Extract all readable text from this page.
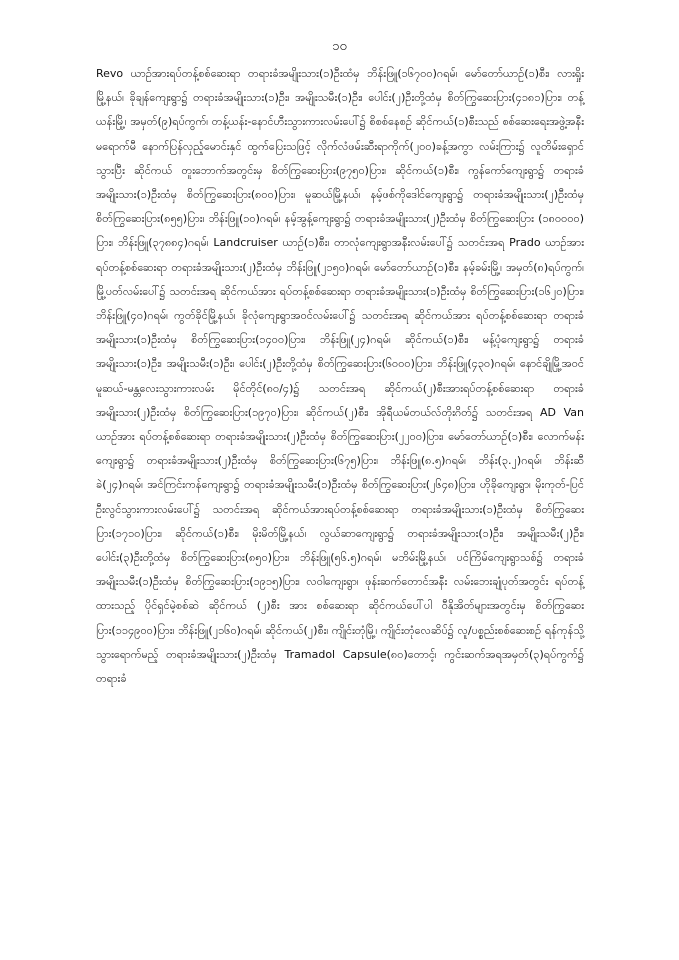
၁၀

Revo ယာဉ်အားရပ်တန့်စစ်ဆေးရာ တရားခံအမျိုးသား(၁)ဦးထံမှ ဘိန်းဖြူ(၁၆၇၀၀)ဂရမ်၊ မော်တော်ယာဉ်(၁)စီး၊ လားရှိုးမြို့နယ်၊ ခိုချန်ကျေးရွာ၌ တရားခံအမျိုးသား(၁)ဦး၊ အမျိုးသမီး(၁)ဦး၊ ပေါင်း(၂)ဦးတို့ထံမှ စိတ်ကြွဆေးပြား(၄၁၈၁)ပြား၊ တန့်ယန်းမြို့၊ အမှတ်(၉)ရပ်ကွက်၊ တန့်ယန်း-နောင်ဟီးသွားကားလမ်းပေါ်၌ စိစစ်နေစဉ် ဆိုင်ကယ်(၁)စီးသည် စစ်ဆေးရေးအဖွဲ့အနီးမရောက်မီ နောက်ပြန်လှည့်မောင်းနှင် ထွက်ပြေးသဖြင့် လိုက်လံဖမ်းဆီးရာကိုက်(၂၀၀)ခန့်အကွာ လမ်းကြား၌ လူတိမ်းရှောင်သွားပြီး ဆိုင်ကယ် တူးဘောက်အတွင်းမှ စိတ်ကြွဆေးပြား(၉၇၅၀)ပြား၊ ဆိုင်ကယ်(၁)စီး၊ ကွန်ကော်ကျေးရွာ၌ တရားခံအမျိုးသား(၁)ဦးထံမှ စိတ်ကြွဆေးပြား(၈၀၀)ပြား၊ မူဆယ်မြို့နယ်၊ နမ့်ဖစ်ကိုဒေါင်ကျေးရွာ၌ တရားခံအမျိုးသား(၂)ဦးထံမှ စိတ်ကြွဆေးပြား(၈၅၅)ပြား၊ ဘိန်းဖြူ(၁၀)ဂရမ်၊ နမ့်အွန့်ကျေးရွာ၌ တရားခံအမျိုးသား(၂)ဦးထံမှ စိတ်ကြွဆေးပြား (၁၈၀၀၀၀) ပြား၊ ဘိန်းဖြူ(၃၇၈၈၄)ဂရမ်၊ Landcruiser ယာဉ်(၁)စီး၊ တာလုံကျေးရွာအနီးလမ်းပေါ်၌ သတင်းအရ Prado ယာဉ်အား ရပ်တန့်စစ်ဆေးရာ တရားခံအမျိုးသား(၂)ဦးထံမှ ဘိန်းဖြူ(၂၁၅၀)ဂရမ်၊ မော်တော်ယာဉ်(၁)စီး၊ နမ့်ခမ်းမြို့၊ အမှတ်(၈)ရပ်ကွက်၊ မြို့ပတ်လမ်းပေါ်၌ သတင်းအရ ဆိုင်ကယ်အား ရပ်တန့်စစ်ဆေးရာ တရားခံအမျိုးသား(၁)ဦးထံမှ စိတ်ကြွဆေးပြား(၁၆၂၀)ပြား၊ ဘိန်းဖြူ(၄၀)ဂရမ်၊ ကွတ်ခိုင်မြို့နယ်၊ ခိုလုံကျေးရွာအဝင်လမ်းပေါ်၌ သတင်းအရ ဆိုင်ကယ်အား ရပ်တန့်စစ်ဆေးရာ တရားခံအမျိုးသား(၁)ဦးထံမှ စိတ်ကြွဆေးပြား(၁၄၀၀)ပြား၊ ဘိန်းဖြူ(၂၄)ဂရမ်၊ ဆိုင်ကယ်(၁)စီး၊ မန့်ပုံကျေးရွာ၌ တရားခံအမျိုးသား(၁)ဦး၊ အမျိုးသမီး(၁)ဦး၊ ပေါင်း(၂)ဦးတို့ထံမှ စိတ်ကြွဆေးပြား(၆၀၀၀)ပြား၊ ဘိန်းဖြူ(၄၃၀)ဂရမ်၊ နောင်ချိုမြို့အဝင် မူဆယ်-မန္တလေးသွားကားလမ်း မိုင်တိုင်(၈၀/၄)၌ သတင်းအရ ဆိုင်ကယ်(၂)စီးအားရပ်တန့်စစ်ဆေးရာ တရားခံအမျိုးသား(၂)ဦးထံမှ စိတ်ကြွဆေးပြား(၁၉၇၀)ပြား၊ ဆိုင်ကယ်(၂)စီး၊ အိုရီယမ်တယ်လ်တိုးဂိတ်၌ သတင်းအရ AD Van ယာဉ်အား ရပ်တန့်စစ်ဆေးရာ တရားခံအမျိုးသား(၂)ဦးထံမှ စိတ်ကြွဆေးပြား(၂၂၀၀)ပြား၊ မော်တော်ယာဉ်(၁)စီး၊ လောက်မန်းကျေးရွာ၌ တရားခံအမျိုးသား(၂)ဦးထံမှ စိတ်ကြွဆေးပြား(၆၇၅)ပြား၊ ဘိန်းဖြူ(၈.၅)ဂရမ်၊ ဘိန်း(၃.၂)ဂရမ်၊ ဘိန်းဆီခဲ(၂၄)ဂရမ်၊ အင်ကြင်းကန်ကျေးရွာ၌ တရားခံအမျိုးသမီး(၁)ဦးထံမှ စိတ်ကြွဆေးပြား(၂၆၄၈)ပြား၊ ဟိုခိုကျေးရွာ၊ မိုးကုတ်-ပြင်ဦးလွင်သွားကားလမ်းပေါ်၌ သတင်းအရ ဆိုင်ကယ်အားရပ်တန့်စစ်ဆေးရာ တရားခံအမျိုးသား(၁)ဦးထံမှ စိတ်ကြွဆေးပြား(၁၇၁၀)ပြား၊ ဆိုင်ကယ်(၁)စီး၊ မိုးမိတ်မြို့နယ်၊ လွယ်ဆာကျေးရွာ၌ တရားခံအမျိုးသား(၁)ဦး၊ အမျိုးသမီး(၂)ဦး၊ ပေါင်း(၃)ဦးတို့ထံမှ စိတ်ကြွဆေးပြား(၈၅၀)ပြား၊ ဘိန်းဖြူ(၅၆.၅)ဂရမ်၊ မဘိမ်းမြို့နယ်၊ ပင်ကြိမ်ကျေးရွာသစ်၌ တရားခံ အမျိုးသမီး(၁)ဦးထံမှ စိတ်ကြွဆေးပြား(၁၉၁၅)ပြား၊ လဝါကျေးရွာ၊ ဖုန်းဆက်တောင်အနီး လမ်းဘေးချုံပုတ်အတွင်း ရပ်တန့်ထားသည့် ပိုင်ရှင်မဲ့စစ်ဆဲ ဆိုင်ကယ် (၂)စီး အား စစ်ဆေးရာ ဆိုင်ကယ်ပေါ်ပါ ဝီနိုအိတ်များအတွင်းမှ စိတ်ကြွဆေးပြား(၁၁၄၉၀၀)ပြား၊ ဘိန်းဖြူ(၂၁၆၀)ဂရမ်၊ ဆိုင်ကယ်(၂)စီး၊ ကျိုင်းတုံမြို့၊ ကျိုင်းတုံလေဆိပ်၌ လူ/ပစ္စည်းစစ်ဆေးစဉ် ရန်ကုန်သို့သွားရောက်မည့် တရားခံအမျိုးသား(၂)ဦးထံမှ Tramadol Capsule(၈၀)တောင့်၊ ကွင်းဆက်အရအမှတ်(၃)ရပ်ကွက်၌ တရားခံ
